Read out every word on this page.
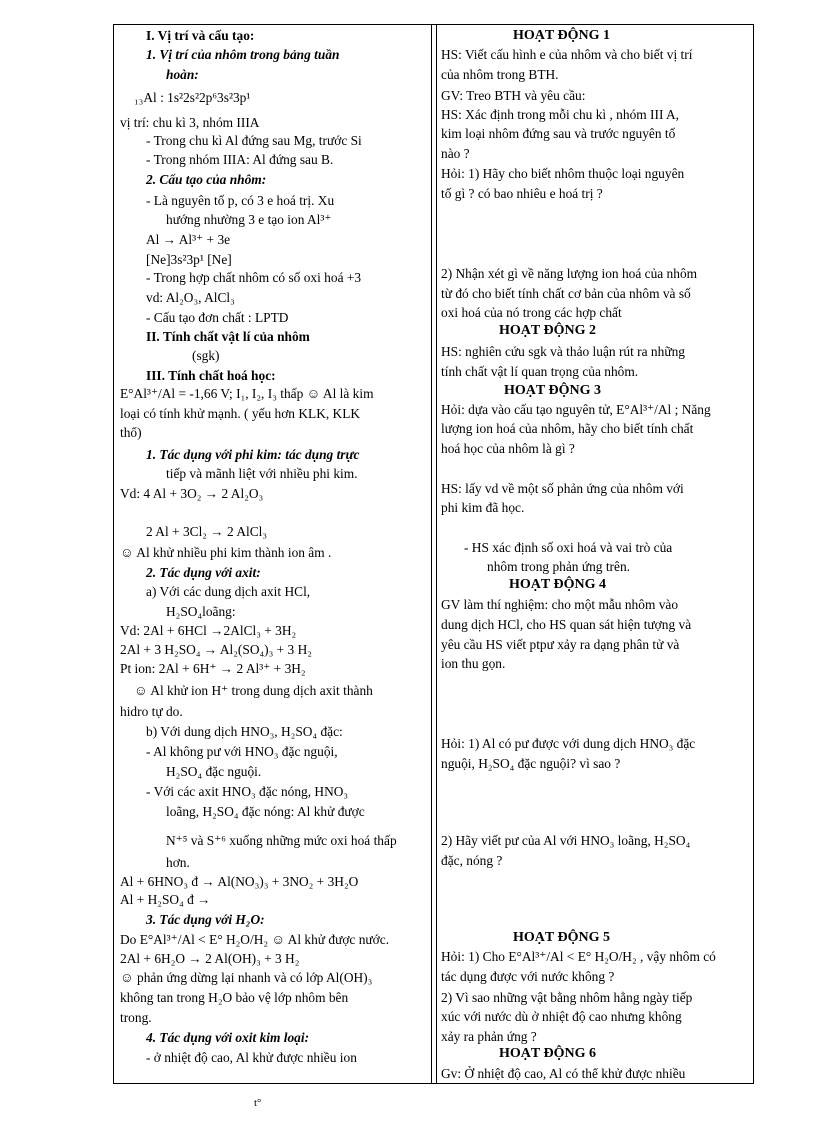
I. Vị trí và cấu tạo:
1. Vị trí của nhôm trong bảng tuần
hoàn:
₁₃Al : 1s²2s²2p⁶3s²3p¹
vị trí: chu kì 3, nhóm IIIA
- Trong chu kì Al đứng sau Mg, trước Si
- Trong nhóm IIIA: Al đứng sau B.
2. Cấu tạo của nhôm:
- Là nguyên tố p, có 3 e hoá trị. Xu
hướng nhường 3 e tạo ion Al³⁺
Al → Al³⁺ + 3e
[Ne]3s²3p¹ [Ne]
- Trong hợp chất nhôm có số oxi hoá +3
vd: Al₂O₃, AlCl₃
- Cấu tạo đơn chất : LPTD
II. Tính chất vật lí của nhôm
(sgk)
III. Tính chất hoá học:
E°Al³⁺/Al = -1,66 V; I₁, I₂, I₃ thấp ☺ Al là kim
loại có tính khử mạnh. ( yếu hơn KLK, KLK
thổ)
1. Tác dụng với phi kim: tác dụng trực
tiếp và mãnh liệt với nhiều phi kim.
Vd: 4 Al + 3O₂ → 2 Al₂O₃
2 Al + 3Cl₂ → 2 AlCl₃
☺ Al khử nhiều phi kim thành ion âm .
2. Tác dụng với axit:
a) Với các dung dịch axit HCl,
H₂SO₄loãng:
Vd: 2Al + 6HCl →2AlCl₃ + 3H₂
2Al + 3 H₂SO₄ → Al₂(SO₄)₃ + 3 H₂
Pt ion: 2Al + 6H⁺ → 2 Al³⁺ + 3H₂
☺ Al khử ion H⁺ trong dung dịch axit thành
hidro tự do.
b) Với dung dịch HNO₃, H₂SO₄ đặc:
- Al không pư với HNO₃ đặc nguội,
H₂SO₄ đặc nguội.
- Với các axit HNO₃ đặc nóng, HNO₃
loãng, H₂SO₄ đặc nóng: Al khử được
N⁺⁵ và S⁺⁶ xuống những mức oxi hoá thấp
hơn.
Al + 6HNO₃ đ → Al(NO₃)₃ + 3NO₂ + 3H₂O
Al + H₂SO₄ đ →
3. Tác dụng với H₂O:
Do E°Al³⁺/Al < E° H₂O/H₂ ☺ Al khử được nước.
2Al + 6H₂O → 2 Al(OH)₃ + 3 H₂
☺ phản ứng dừng lại nhanh và có lớp Al(OH)₃
không tan trong H₂O bảo vệ lớp nhôm bên
trong.
4. Tác dụng với oxit kim loại:
- ở nhiệt độ cao, Al khử được nhiều ion
HOẠT ĐỘNG 1
HS: Viết cấu hình e của nhôm và cho biết vị trí
của nhôm trong BTH.
GV: Treo BTH và yêu cầu:
HS: Xác định trong mỗi chu kì , nhóm III A,
kim loại nhôm đứng sau và trước nguyên tố
nào ?
Hỏi: 1) Hãy cho biết nhôm thuộc loại nguyên
tố gì ? có bao nhiêu e hoá trị ?
2) Nhận xét gì về năng lượng ion hoá của nhôm
từ đó cho biết tính chất cơ bản của nhôm và số
oxi hoá của nó trong các hợp chất
HOẠT ĐỘNG 2
HS: nghiên cứu sgk và thảo luận rút ra những
tính chất vật lí quan trọng của nhôm.
HOẠT ĐỘNG 3
Hỏi: dựa vào cấu tạo nguyên tử, E°Al³⁺/Al ; Năng
lượng ion hoá của nhôm, hãy cho biết tính chất
hoá học của nhôm là gì ?
HS: lấy vd về một số phản ứng của nhôm với
phi kim đã học.
- HS xác định số oxi hoá và vai trò của
nhôm trong phản ứng trên.
HOẠT ĐỘNG 4
GV làm thí nghiệm: cho một mẫu nhôm vào
dung dịch HCl, cho HS quan sát hiện tượng và
yêu cầu HS viết ptpư xảy ra dạng phân tử và
ion thu gọn.
Hỏi: 1) Al có pư được với dung dịch HNO₃ đặc
nguội, H₂SO₄ đặc nguội? vì sao ?
2) Hãy viết pư của Al với HNO₃ loãng, H₂SO₄
đặc, nóng ?
HOẠT ĐỘNG 5
Hỏi: 1) Cho E°Al³⁺/Al < E° H₂O/H₂ , vậy nhôm có
tác dụng được với nước không ?
2) Vì sao những vật bằng nhôm hằng ngày tiếp
xúc với nước dù ở nhiệt độ cao nhưng không
xảy ra phản ứng ?
HOẠT ĐỘNG 6
Gv: Ở nhiệt độ cao, Al có thể khử được nhiều
t°
